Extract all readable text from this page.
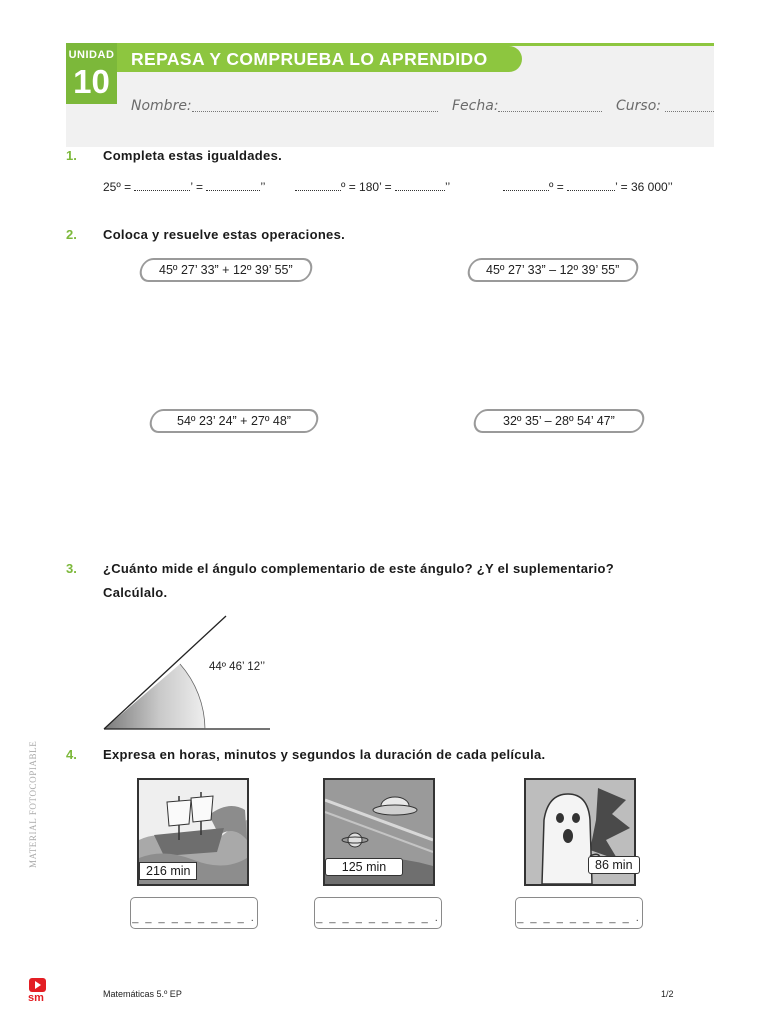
UNIDAD
10
REPASA Y COMPRUEBA LO APRENDIDO
Nombre:	Fecha:	Curso:
1. Completa estas igualdades.
25º =	’ =	’’	º = 180’ =	’’	º =	’ = 36 000’’
2. Coloca y resuelve estas operaciones.
45º 27’ 33” + 12º 39’ 55”	45º 27’ 33” – 12º 39’ 55”
54º 23’ 24” + 27º 48”	32º 35’ – 28º 54’ 47”
3. ¿Cuánto mide el ángulo complementario de este ángulo? ¿Y el suplementario?
Calcúlalo.
44º 46’ 12’’
4. Expresa en horas, minutos y segundos la duración de cada película.
216 min	125 min	86 min
_ _ _ _ _ _ _ _ _ .	_ _ _ _ _ _ _ _ _ .	_ _ _ _ _ _ _ _ _ .
MATERIAL FOTOCOPIABLE
sm	Matemáticas 5.º EP	1/2
